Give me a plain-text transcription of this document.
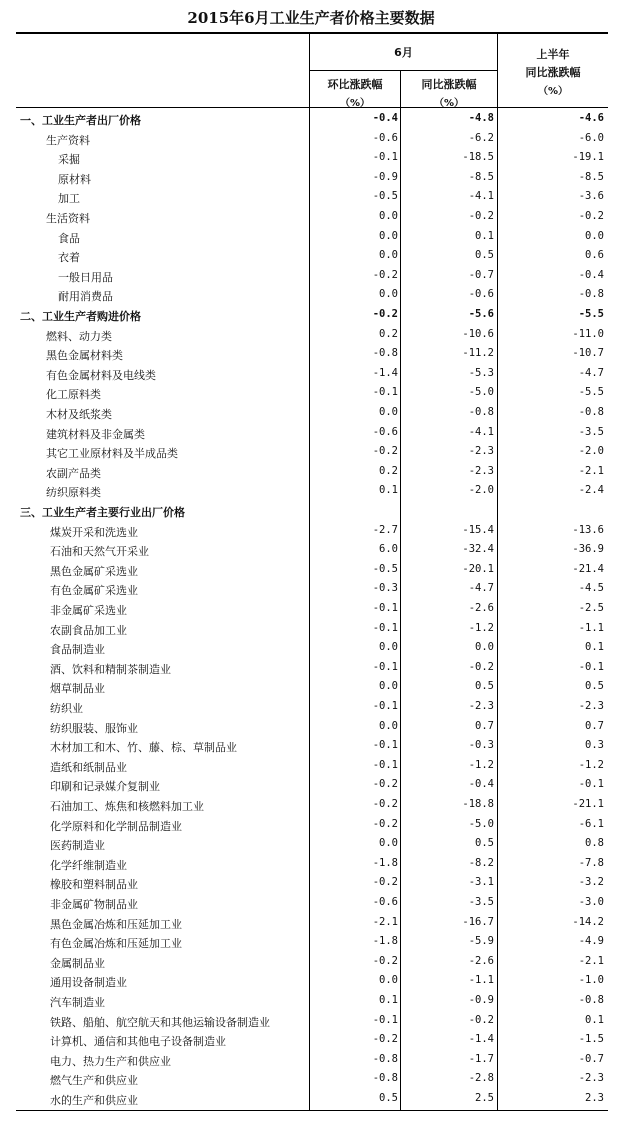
2015年6月工业生产者价格主要数据
6月
环比涨跌幅
（%）
同比涨跌幅
（%）
上半年
同比涨跌幅
（%）
一、工业生产者出厂价格	-0.4	-4.8	-4.6
生产资料	-0.6	-6.2	-6.0
采掘	-0.1	-18.5	-19.1
原材料	-0.9	-8.5	-8.5
加工	-0.5	-4.1	-3.6
生活资料	0.0	-0.2	-0.2
食品	0.0	0.1	0.0
衣着	0.0	0.5	0.6
一般日用品	-0.2	-0.7	-0.4
耐用消费品	0.0	-0.6	-0.8
二、工业生产者购进价格	-0.2	-5.6	-5.5
燃料、动力类	0.2	-10.6	-11.0
黑色金属材料类	-0.8	-11.2	-10.7
有色金属材料及电线类	-1.4	-5.3	-4.7
化工原料类	-0.1	-5.0	-5.5
木材及纸浆类	0.0	-0.8	-0.8
建筑材料及非金属类	-0.6	-4.1	-3.5
其它工业原材料及半成品类	-0.2	-2.3	-2.0
农副产品类	0.2	-2.3	-2.1
纺织原料类	0.1	-2.0	-2.4
三、工业生产者主要行业出厂价格
煤炭开采和洗选业	-2.7	-15.4	-13.6
石油和天然气开采业	6.0	-32.4	-36.9
黑色金属矿采选业	-0.5	-20.1	-21.4
有色金属矿采选业	-0.3	-4.7	-4.5
非金属矿采选业	-0.1	-2.6	-2.5
农副食品加工业	-0.1	-1.2	-1.1
食品制造业	0.0	0.0	0.1
酒、饮料和精制茶制造业	-0.1	-0.2	-0.1
烟草制品业	0.0	0.5	0.5
纺织业	-0.1	-2.3	-2.3
纺织服装、服饰业	0.0	0.7	0.7
木材加工和木、竹、藤、棕、草制品业	-0.1	-0.3	0.3
造纸和纸制品业	-0.1	-1.2	-1.2
印刷和记录媒介复制业	-0.2	-0.4	-0.1
石油加工、炼焦和核燃料加工业	-0.2	-18.8	-21.1
化学原料和化学制品制造业	-0.2	-5.0	-6.1
医药制造业	0.0	0.5	0.8
化学纤维制造业	-1.8	-8.2	-7.8
橡胶和塑料制品业	-0.2	-3.1	-3.2
非金属矿物制品业	-0.6	-3.5	-3.0
黑色金属冶炼和压延加工业	-2.1	-16.7	-14.2
有色金属冶炼和压延加工业	-1.8	-5.9	-4.9
金属制品业	-0.2	-2.6	-2.1
通用设备制造业	0.0	-1.1	-1.0
汽车制造业	0.1	-0.9	-0.8
铁路、船舶、航空航天和其他运输设备制造业	-0.1	-0.2	0.1
计算机、通信和其他电子设备制造业	-0.2	-1.4	-1.5
电力、热力生产和供应业	-0.8	-1.7	-0.7
燃气生产和供应业	-0.8	-2.8	-2.3
水的生产和供应业	0.5	2.5	2.3
